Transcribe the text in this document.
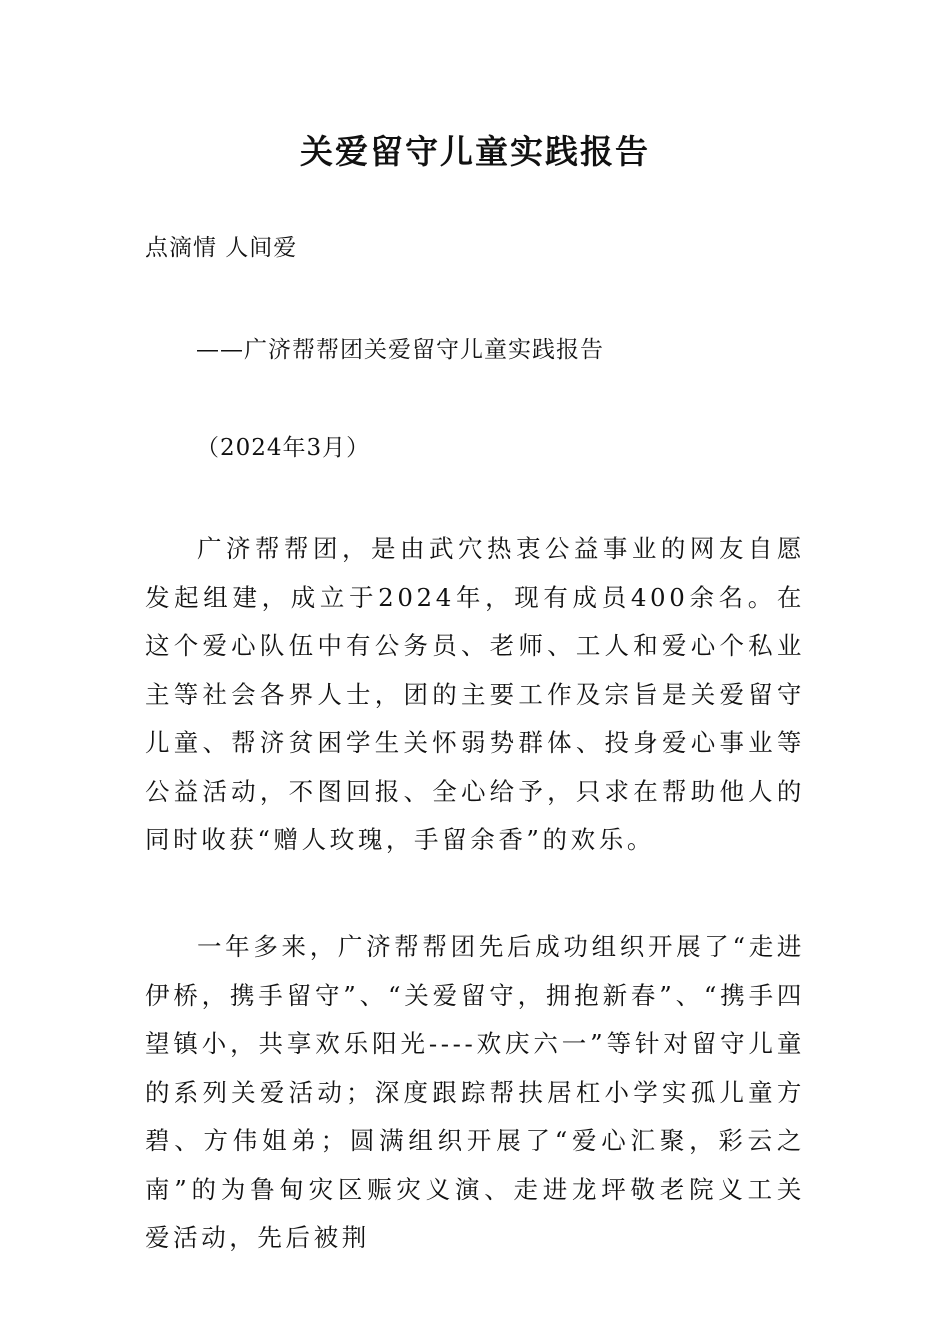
关爱留守儿童实践报告
点滴情 人间爱
——广济帮帮团关爱留守儿童实践报告
（2024年3月）

广济帮帮团，是由武穴热衷公益事业的网友自愿发起组建，成立于2024年，现有成员400余名。在这个爱心队伍中有公务员、老师、工人和爱心个私业主等社会各界人士，团的主要工作及宗旨是关爱留守儿童、帮济贫困学生关怀弱势群体、投身爱心事业等公益活动，不图回报、全心给予，只求在帮助他人的同时收获“赠人玫瑰，手留余香”的欢乐。

一年多来，广济帮帮团先后成功组织开展了“走进伊桥，携手留守”、“关爱留守，拥抱新春”、“携手四望镇小，共享欢乐阳光----欢庆六一”等针对留守儿童的系列关爱活动；深度跟踪帮扶居杠小学实孤儿童方碧、方伟姐弟；圆满组织开展了“爱心汇聚，彩云之南”的为鲁甸灾区赈灾义演、走进龙坪敬老院义工关爱活动，先后被荆
